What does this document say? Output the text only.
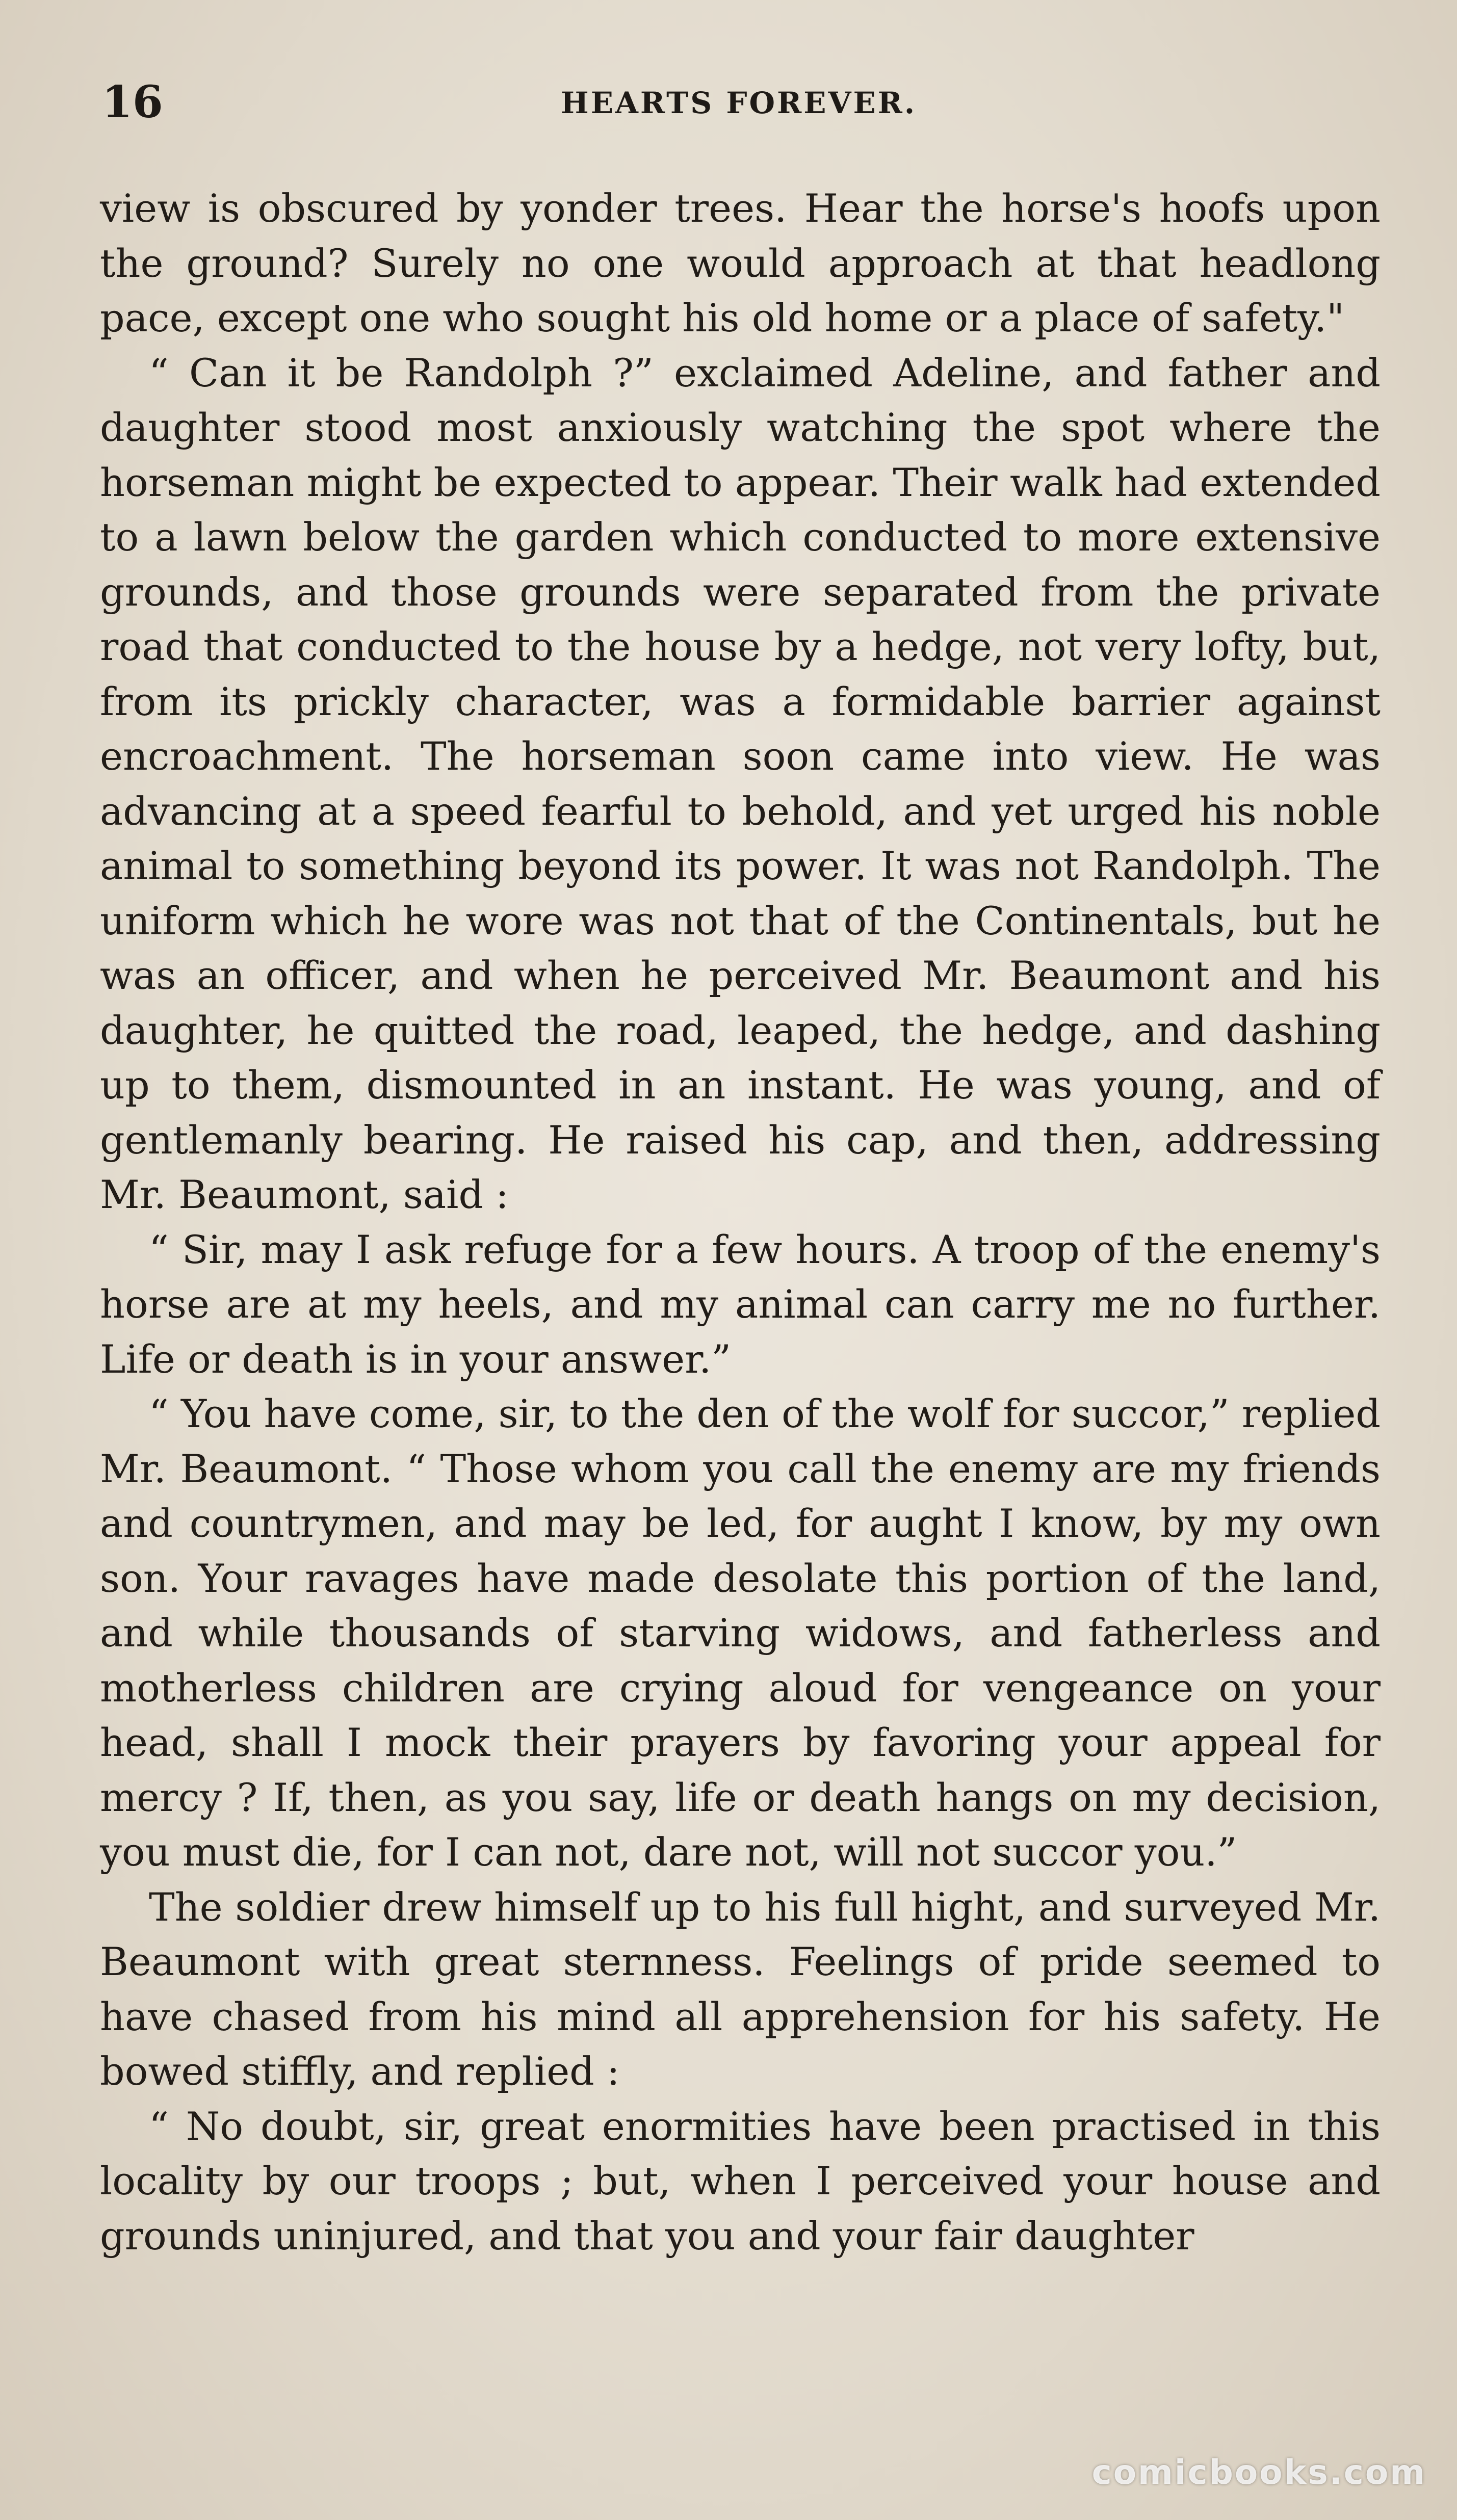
16	HEARTS FOREVER.

view is obscured by yonder trees. Hear the horse's hoofs upon the ground? Surely no one would approach at that headlong pace, except one who sought his old home or a place of safety."

“ Can it be Randolph ?” exclaimed Adeline, and father and daughter stood most anxiously watching the spot where the horseman might be expected to appear. Their walk had extended to a lawn below the garden which conducted to more extensive grounds, and those grounds were separated from the private road that conducted to the house by a hedge, not very lofty, but, from its prickly character, was a formidable barrier against encroachment. The horseman soon came into view. He was advancing at a speed fearful to behold, and yet urged his noble animal to something beyond its power. It was not Randolph. The uniform which he wore was not that of the Continentals, but he was an officer, and when he perceived Mr. Beaumont and his daughter, he quitted the road, leaped, the hedge, and dashing up to them, dismounted in an instant. He was young, and of gentlemanly bearing. He raised his cap, and then, addressing Mr. Beaumont, said :

“ Sir, may I ask refuge for a few hours. A troop of the enemy's horse are at my heels, and my animal can carry me no further. Life or death is in your answer.”

“ You have come, sir, to the den of the wolf for succor,” replied Mr. Beaumont. “ Those whom you call the enemy are my friends and countrymen, and may be led, for aught I know, by my own son. Your ravages have made desolate this portion of the land, and while thousands of starving widows, and fatherless and motherless children are crying aloud for vengeance on your head, shall I mock their prayers by favoring your appeal for mercy ? If, then, as you say, life or death hangs on my decision, you must die, for I can not, dare not, will not succor you.”

The soldier drew himself up to his full hight, and surveyed Mr. Beaumont with great sternness. Feelings of pride seemed to have chased from his mind all apprehension for his safety. He bowed stiffly, and replied :

“ No doubt, sir, great enormities have been practised in this locality by our troops ; but, when I perceived your house and grounds uninjured, and that you and your fair daughter

comicbooks.com
